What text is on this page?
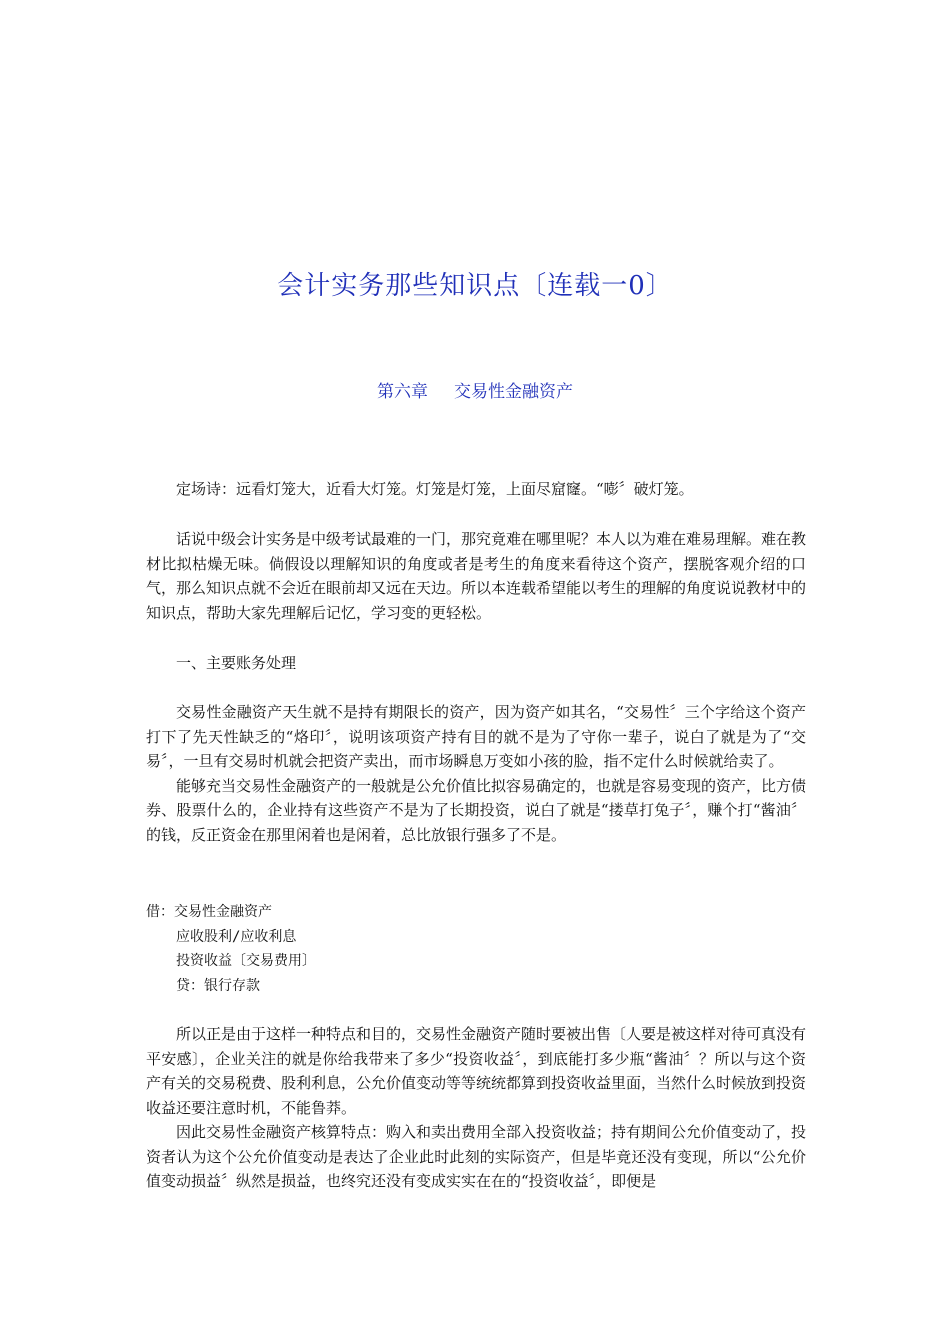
会计实务那些知识点〔连载一0〕
第六章 交易性金融资产

定场诗：远看灯笼大，近看大灯笼。灯笼是灯笼，上面尽窟窿。“嘭〞破灯笼。

话说中级会计实务是中级考试最难的一门，那究竟难在哪里呢？本人以为难在难易理解。难在教材比拟枯燥无味。倘假设以理解知识的角度或者是考生的角度来看待这个资产，摆脱客观介绍的口气，那么知识点就不会近在眼前却又远在天边。所以本连载希望能以考生的理解的角度说说教材中的知识点，帮助大家先理解后记忆，学习变的更轻松。

一、主要账务处理

交易性金融资产天生就不是持有期限长的资产，因为资产如其名，“交易性〞三个字给这个资产打下了先天性缺乏的“烙印〞，说明该项资产持有目的就不是为了守你一辈子，说白了就是为了“交易〞，一旦有交易时机就会把资产卖出，而市场瞬息万变如小孩的脸，指不定什么时候就给卖了。

能够充当交易性金融资产的一般就是公允价值比拟容易确定的，也就是容易变现的资产，比方债券、股票什么的，企业持有这些资产不是为了长期投资，说白了就是“搂草打兔子〞，赚个打“酱油〞的钱，反正资金在那里闲着也是闲着，总比放银行强多了不是。

借：交易性金融资产
应收股利/应收利息
投资收益〔交易费用〕
贷：银行存款

所以正是由于这样一种特点和目的，交易性金融资产随时要被出售〔人要是被这样对待可真没有平安感〕，企业关注的就是你给我带来了多少“投资收益〞，到底能打多少瓶“酱油〞？所以与这个资产有关的交易税费、股利利息，公允价值变动等等统统都算到投资收益里面，当然什么时候放到投资收益还要注意时机，不能鲁莽。

因此交易性金融资产核算特点：购入和卖出费用全部入投资收益；持有期间公允价值变动了，投资者认为这个公允价值变动是表达了企业此时此刻的实际资产，但是毕竟还没有变现，所以“公允价值变动损益〞纵然是损益，也终究还没有变成实实在在的“投资收益〞，即便是
